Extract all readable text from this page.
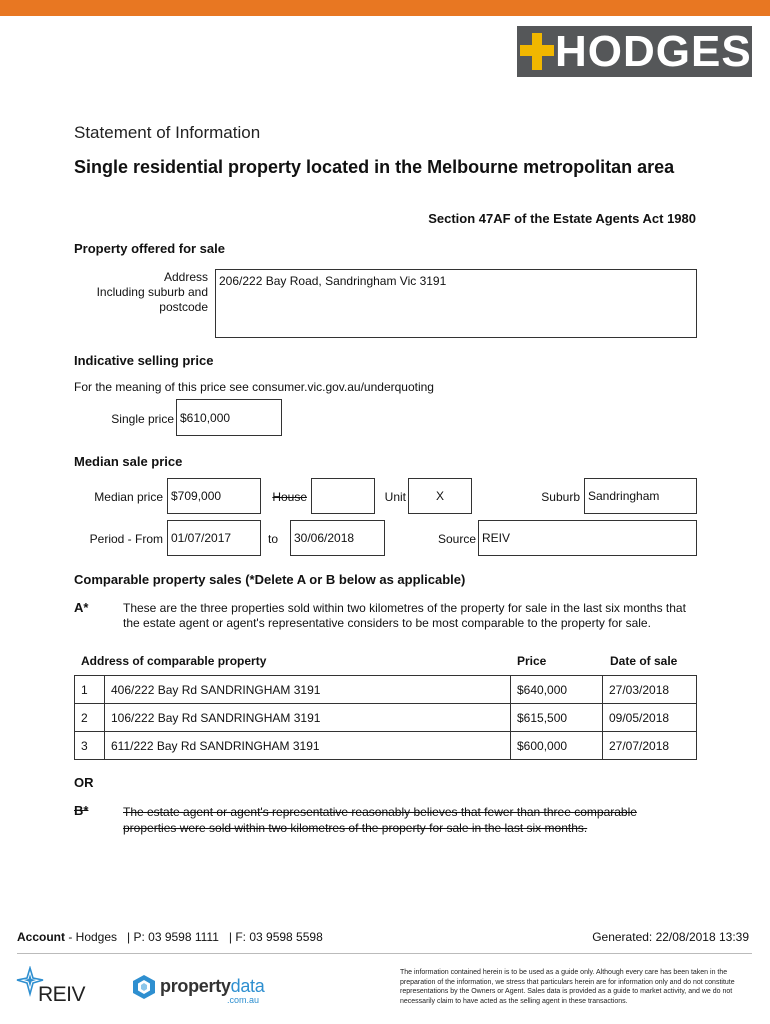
HODGES
Statement of Information
Single residential property located in the Melbourne metropolitan area
Section 47AF of the Estate Agents Act 1980
Property offered for sale
Address
Including suburb and
postcode
206/222 Bay Road, Sandringham Vic 3191
Indicative selling price
For the meaning of this price see consumer.vic.gov.au/underquoting
Single price $610,000
Median sale price
Median price $709,000	House	Unit	X	Suburb Sandringham
Period - From 01/07/2017	to	30/06/2018	Source REIV
Comparable property sales (*Delete A or B below as applicable)
A*	These are the three properties sold within two kilometres of the property for sale in the last six months that the estate agent or agent's representative considers to be most comparable to the property for sale.
Address of comparable property	Price	Date of sale
1	406/222 Bay Rd SANDRINGHAM 3191	$640,000	27/03/2018
2	106/222 Bay Rd SANDRINGHAM 3191	$615,500	09/05/2018
3	611/222 Bay Rd SANDRINGHAM 3191	$600,000	27/07/2018
OR
B*	The estate agent or agent's representative reasonably believes that fewer than three comparable properties were sold within two kilometres of the property for sale in the last six months.
Account - Hodges   | P: 03 9598 1111   | F: 03 9598 5598	Generated: 22/08/2018 13:39
REIV	propertydata
.com.au
The information contained herein is to be used as a guide only. Although every care has been taken in the preparation of the information, we stress that particulars herein are for information only and do not constitute representations by the Owners or Agent. Sales data is provided as a guide to market activity, and we do not necessarily claim to have acted as the selling agent in these transactions.
